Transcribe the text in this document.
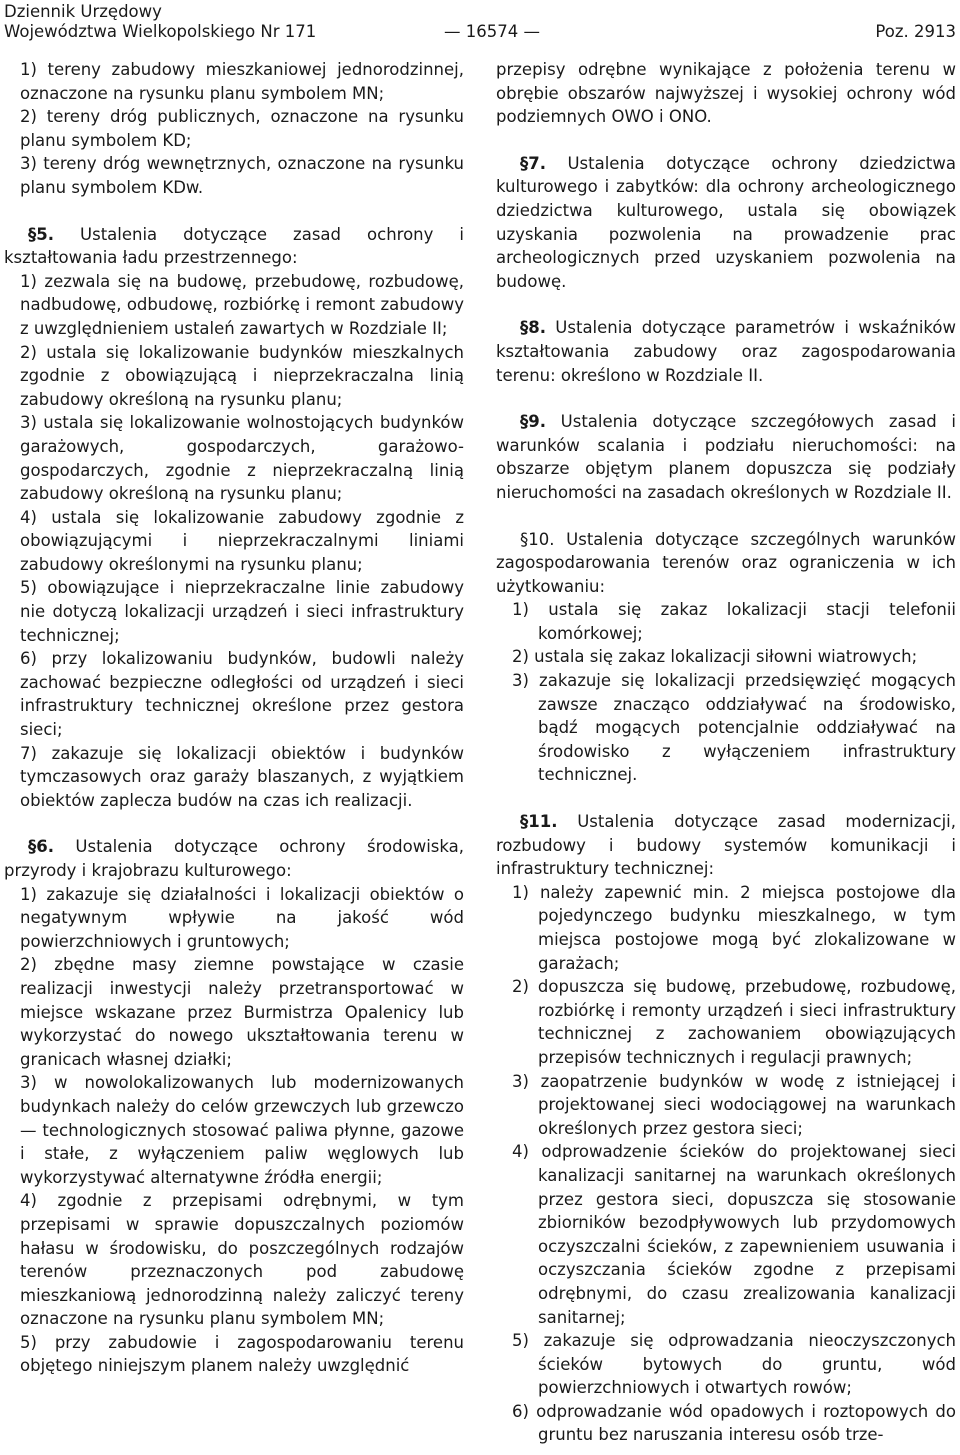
Dziennik Urzędowy
Województwa Wielkopolskiego Nr 171	— 16574 —	Poz. 2913

1) tereny zabudowy mieszkaniowej jednorodzinnej, oznaczone na rysunku planu symbolem MN;

2) tereny dróg publicznych, oznaczone na rysunku planu symbolem KD;

3) tereny dróg wewnętrznych, oznaczone na rysunku planu symbolem KDw.

§5. Ustalenia dotyczące zasad ochrony i kształtowania ładu przestrzennego:

1) zezwala się na budowę, przebudowę, rozbudowę, nadbudowę, odbudowę, rozbiórkę i remont zabudowy z uwzględnieniem ustaleń zawartych w Rozdziale II;

2) ustala się lokalizowanie budynków mieszkalnych zgodnie z obowiązującą i nieprzekraczalna linią zabudowy określoną na rysunku planu;

3) ustala się lokalizowanie wolnostojących budynków garażowych, gospodarczych, garażowo-gospodarczych, zgodnie z nieprzekraczalną linią zabudowy określoną na rysunku planu;

4) ustala się lokalizowanie zabudowy zgodnie z obowiązującymi i nieprzekraczalnymi liniami zabudowy określonymi na rysunku planu;

5) obowiązujące i nieprzekraczalne linie zabudowy nie dotyczą lokalizacji urządzeń i sieci infrastruktury technicznej;

6) przy lokalizowaniu budynków, budowli należy zachować bezpieczne odległości od urządzeń i sieci infrastruktury technicznej określone przez gestora sieci;

7) zakazuje się lokalizacji obiektów i budynków tymczasowych oraz garaży blaszanych, z wyjątkiem obiektów zaplecza budów na czas ich realizacji.

§6. Ustalenia dotyczące ochrony środowiska, przyrody i krajobrazu kulturowego:

1) zakazuje się działalności i lokalizacji obiektów o negatywnym wpływie na jakość wód powierzchniowych i gruntowych;

2) zbędne masy ziemne powstające w czasie realizacji inwestycji należy przetransportować w miejsce wskazane przez Burmistrza Opalenicy lub wykorzystać do nowego ukształtowania terenu w granicach własnej działki;

3) w nowolokalizowanych lub modernizowanych budynkach należy do celów grzewczych lub grzewczo — technologicznych stosować paliwa płynne, gazowe i stałe, z wyłączeniem paliw węglowych lub wykorzystywać alternatywne źródła energii;

4) zgodnie z przepisami odrębnymi, w tym przepisami w sprawie dopuszczalnych poziomów hałasu w środowisku, do poszczególnych rodzajów terenów przeznaczonych pod zabudowę mieszkaniową jednorodzinną należy zaliczyć tereny oznaczone na rysunku planu symbolem MN;

5) przy zabudowie i zagospodarowaniu terenu objętego niniejszym planem należy uwzględnić

przepisy odrębne wynikające z położenia terenu w obrębie obszarów najwyższej i wysokiej ochrony wód podziemnych OWO i ONO.

§7. Ustalenia dotyczące ochrony dziedzictwa kulturowego i zabytków: dla ochrony archeologicznego dziedzictwa kulturowego, ustala się obowiązek uzyskania pozwolenia na prowadzenie prac archeologicznych przed uzyskaniem pozwolenia na budowę.

§8. Ustalenia dotyczące parametrów i wskaźników kształtowania zabudowy oraz zagospodarowania terenu: określono w Rozdziale II.

§9. Ustalenia dotyczące szczegółowych zasad i warunków scalania i podziału nieruchomości: na obszarze objętym planem dopuszcza się podziały nieruchomości na zasadach określonych w Rozdziale II.

§10. Ustalenia dotyczące szczególnych warunków zagospodarowania terenów oraz ograniczenia w ich użytkowaniu:

1) ustala się zakaz lokalizacji stacji telefonii komórkowej;

2) ustala się zakaz lokalizacji siłowni wiatrowych;

3) zakazuje się lokalizacji przedsięwzięć mogących zawsze znacząco oddziaływać na środowisko, bądź mogących potencjalnie oddziaływać na środowisko z wyłączeniem infrastruktury technicznej.

§11. Ustalenia dotyczące zasad modernizacji, rozbudowy i budowy systemów komunikacji i infrastruktury technicznej:

1) należy zapewnić min. 2 miejsca postojowe dla pojedynczego budynku mieszkalnego, w tym miejsca postojowe mogą być zlokalizowane w garażach;

2) dopuszcza się budowę, przebudowę, rozbudowę, rozbiórkę i remonty urządzeń i sieci infrastruktury technicznej z zachowaniem obowiązujących przepisów technicznych i regulacji prawnych;

3) zaopatrzenie budynków w wodę z istniejącej i projektowanej sieci wodociągowej na warunkach określonych przez gestora sieci;

4) odprowadzenie ścieków do projektowanej sieci kanalizacji sanitarnej na warunkach określonych przez gestora sieci, dopuszcza się stosowanie zbiorników bezodpływowych lub przydomowych oczyszczalni ścieków, z zapewnieniem usuwania i oczyszczania ścieków zgodne z przepisami odrębnymi, do czasu zrealizowania kanalizacji sanitarnej;

5) zakazuje się odprowadzania nieoczyszczonych ścieków bytowych do gruntu, wód powierzchniowych i otwartych rowów;

6) odprowadzanie wód opadowych i roztopowych do gruntu bez naruszania interesu osób trze-
